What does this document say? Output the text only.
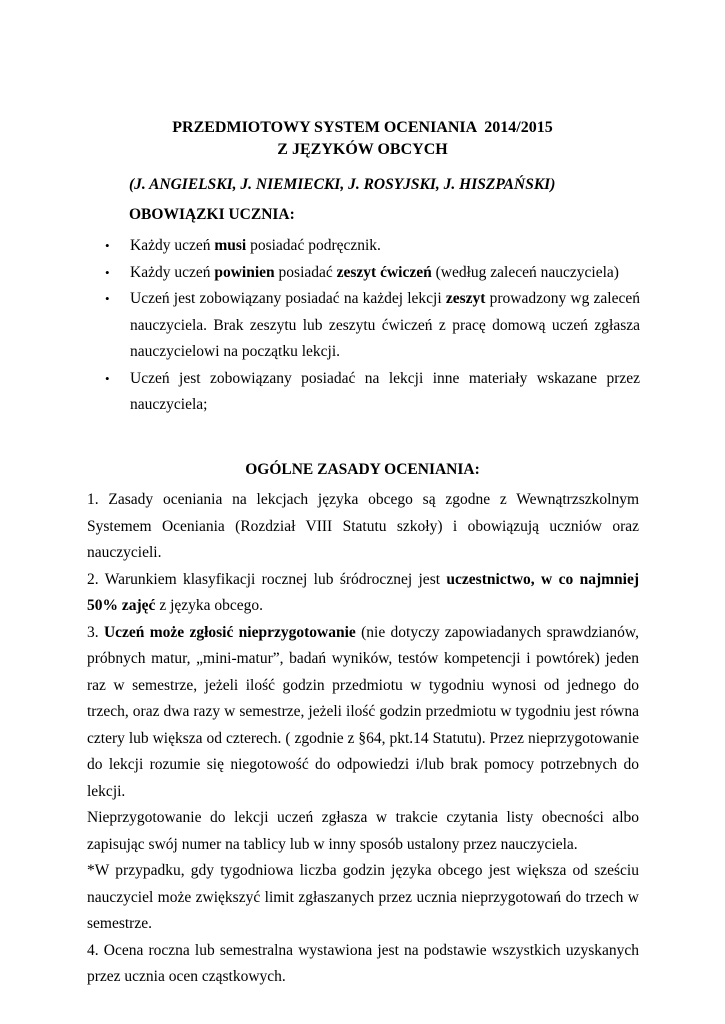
PRZEDMIOTOWY SYSTEM OCENIANIA  2014/2015
Z JĘZYKÓW OBCYCH
(J. ANGIELSKI, J. NIEMIECKI, J. ROSYJSKI, J. HISZPAŃSKI)
OBOWIĄZKI UCZNIA:
•	Każdy uczeń musi posiadać podręcznik.
•	Każdy uczeń powinien posiadać zeszyt ćwiczeń (według zaleceń nauczyciela)
•	Uczeń jest zobowiązany posiadać na każdej lekcji zeszyt prowadzony wg zaleceń nauczyciela. Brak zeszytu lub zeszytu ćwiczeń z pracę domową uczeń zgłasza nauczycielowi na początku lekcji.
•	Uczeń jest zobowiązany posiadać na lekcji inne materiały wskazane przez nauczyciela;
OGÓLNE ZASADY OCENIANIA:

1. Zasady oceniania na lekcjach języka obcego są zgodne z Wewnątrzszkolnym Systemem Oceniania (Rozdział VIII Statutu szkoły) i obowiązują uczniów oraz nauczycieli.

2. Warunkiem klasyfikacji rocznej lub śródrocznej jest uczestnictwo, w co najmniej 50% zajęć z języka obcego.

3. Uczeń może zgłosić nieprzygotowanie (nie dotyczy zapowiadanych sprawdzianów, próbnych matur, „mini-matur”, badań wyników, testów kompetencji i powtórek) jeden raz w semestrze, jeżeli ilość godzin przedmiotu w tygodniu wynosi od jednego do trzech, oraz dwa razy w semestrze, jeżeli ilość godzin przedmiotu w tygodniu jest równa cztery lub większa od czterech. ( zgodnie z §64, pkt.14 Statutu). Przez nieprzygotowanie do lekcji rozumie się niegotowość do odpowiedzi i/lub brak pomocy potrzebnych do lekcji.

Nieprzygotowanie do lekcji uczeń zgłasza w trakcie czytania listy obecności albo zapisując swój numer na tablicy lub w inny sposób ustalony przez nauczyciela.

*W przypadku, gdy tygodniowa liczba godzin języka obcego jest większa od sześciu nauczyciel może zwiększyć limit zgłaszanych przez ucznia nieprzygotowań do trzech w semestrze.

4. Ocena roczna lub semestralna wystawiona jest na podstawie wszystkich uzyskanych przez ucznia ocen cząstkowych.
